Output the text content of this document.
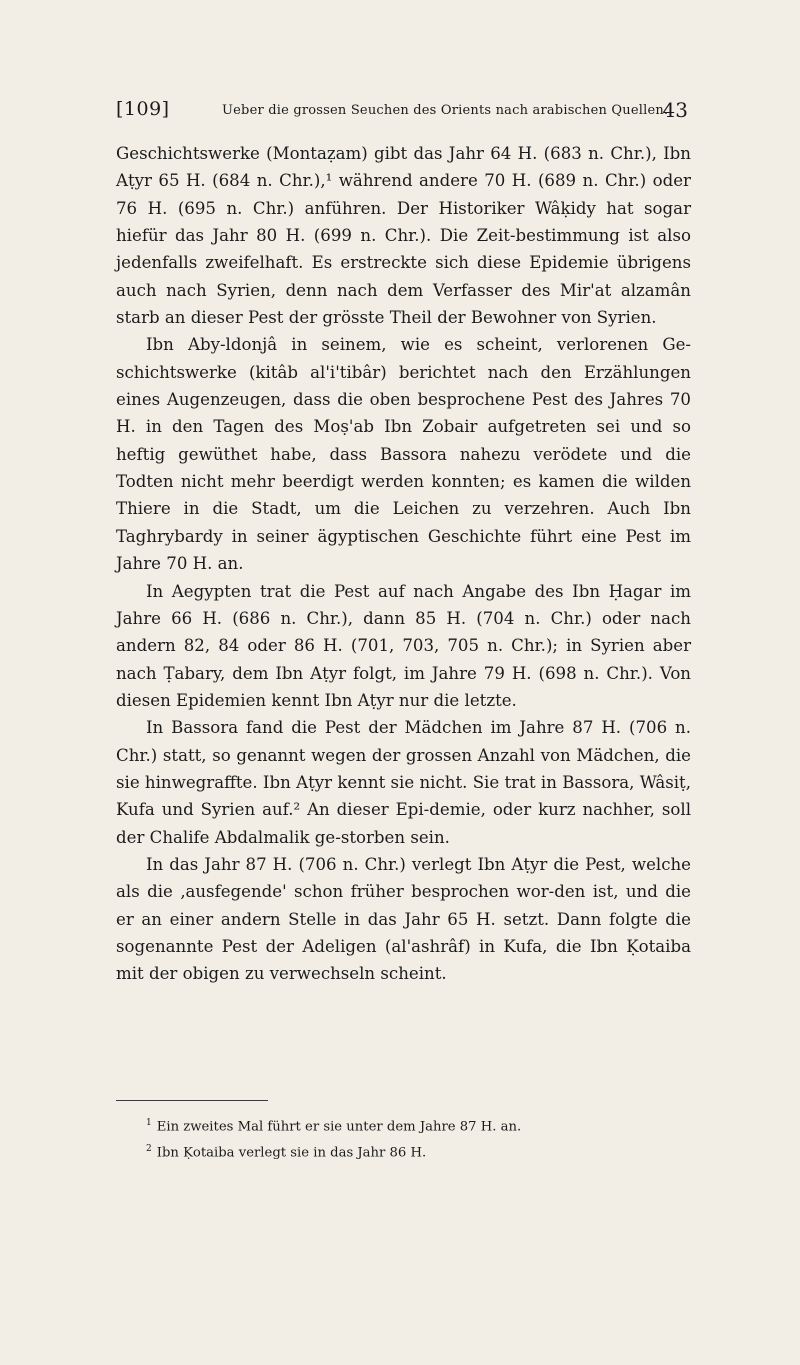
[109]	Ueber die grossen Seuchen des Orients nach arabischen Quellen.
43

Geschichtswerke (Montaẓam) gibt das Jahr 64 H. (683 n. Chr.), Ibn Aṭyr 65 H. (684 n. Chr.),¹ während andere 70 H. (689 n. Chr.) oder 76 H. (695 n. Chr.) anführen. Der Historiker Wâḳidy hat sogar hiefür das Jahr 80 H. (699 n. Chr.). Die Zeit-bestimmung ist also jedenfalls zweifelhaft. Es erstreckte sich diese Epidemie übrigens auch nach Syrien, denn nach dem Verfasser des Mir'at alzamân starb an dieser Pest der grösste Theil der Bewohner von Syrien.

Ibn Aby-ldonjâ in seinem, wie es scheint, verlorenen Ge-schichtswerke (kitâb al'i'tibâr) berichtet nach den Erzählungen eines Augenzeugen, dass die oben besprochene Pest des Jahres 70 H. in den Tagen des Moṣ'ab Ibn Zobair aufgetreten sei und so heftig gewüthet habe, dass Bassora nahezu verödete und die Todten nicht mehr beerdigt werden konnten; es kamen die wilden Thiere in die Stadt, um die Leichen zu verzehren. Auch Ibn Taghrybardy in seiner ägyptischen Geschichte führt eine Pest im Jahre 70 H. an.

In Aegypten trat die Pest auf nach Angabe des Ibn Ḥagar im Jahre 66 H. (686 n. Chr.), dann 85 H. (704 n. Chr.) oder nach andern 82, 84 oder 86 H. (701, 703, 705 n. Chr.); in Syrien aber nach Ṭabary, dem Ibn Aṭyr folgt, im Jahre 79 H. (698 n. Chr.). Von diesen Epidemien kennt Ibn Aṭyr nur die letzte.

In Bassora fand die Pest der Mädchen im Jahre 87 H. (706 n. Chr.) statt, so genannt wegen der grossen Anzahl von Mädchen, die sie hinwegraffte. Ibn Aṭyr kennt sie nicht. Sie trat in Bassora, Wâsiṭ, Kufa und Syrien auf.² An dieser Epi-demie, oder kurz nachher, soll der Chalife Abdalmalik ge-storben sein.

In das Jahr 87 H. (706 n. Chr.) verlegt Ibn Aṭyr die Pest, welche als die ‚ausfegende' schon früher besprochen wor-den ist, und die er an einer andern Stelle in das Jahr 65 H. setzt. Dann folgte die sogenannte Pest der Adeligen (al'ashrâf) in Kufa, die Ibn Ḳotaiba mit der obigen zu verwechseln scheint.

$^1$ Ein zweites Mal führt er sie unter dem Jahre 87 H. an.
$^2$ Ibn Ḳotaiba verlegt sie in das Jahr 86 H.
